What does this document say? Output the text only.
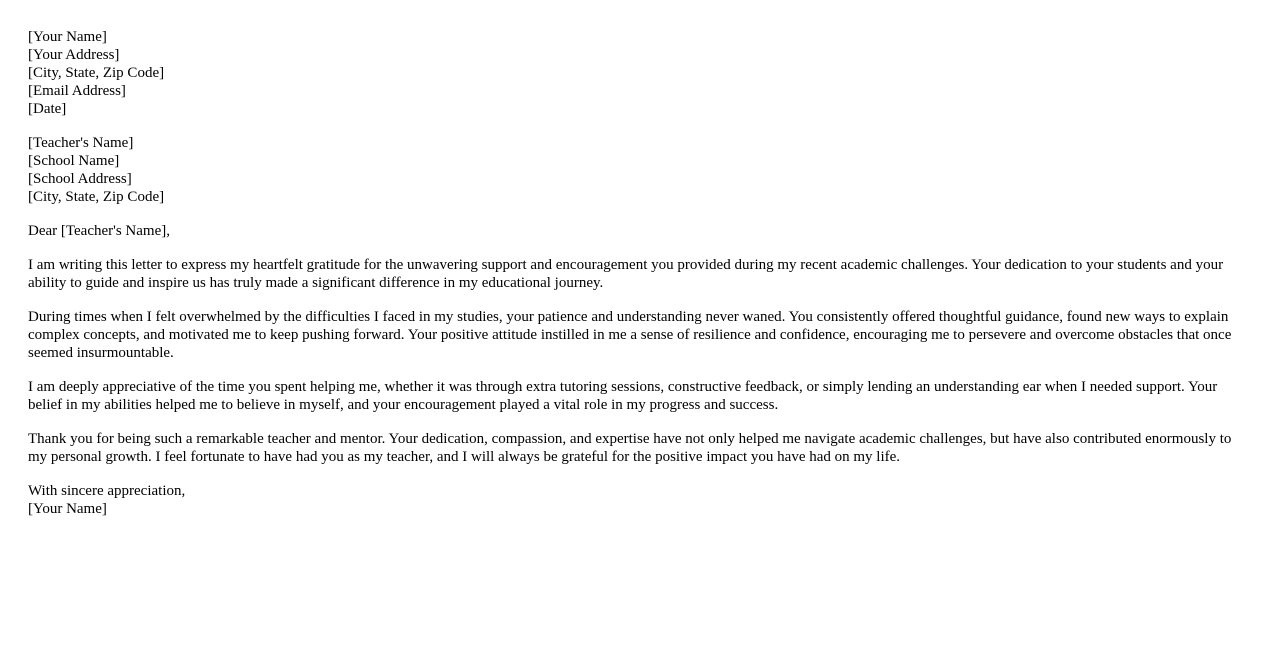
[Your Name]
[Your Address]
[City, State, Zip Code]
[Email Address]
[Date]
[Teacher's Name]
[School Name]
[School Address]
[City, State, Zip Code]

Dear [Teacher's Name],

I am writing this letter to express my heartfelt gratitude for the unwavering support and encouragement you provided during my recent academic challenges. Your dedication to your students and your ability to guide and inspire us has truly made a significant difference in my educational journey.

During times when I felt overwhelmed by the difficulties I faced in my studies, your patience and understanding never waned. You consistently offered thoughtful guidance, found new ways to explain complex concepts, and motivated me to keep pushing forward. Your positive attitude instilled in me a sense of resilience and confidence, encouraging me to persevere and overcome obstacles that once seemed insurmountable.

I am deeply appreciative of the time you spent helping me, whether it was through extra tutoring sessions, constructive feedback, or simply lending an understanding ear when I needed support. Your belief in my abilities helped me to believe in myself, and your encouragement played a vital role in my progress and success.

Thank you for being such a remarkable teacher and mentor. Your dedication, compassion, and expertise have not only helped me navigate academic challenges, but have also contributed enormously to my personal growth. I feel fortunate to have had you as my teacher, and I will always be grateful for the positive impact you have had on my life.

With sincere appreciation,
[Your Name]
